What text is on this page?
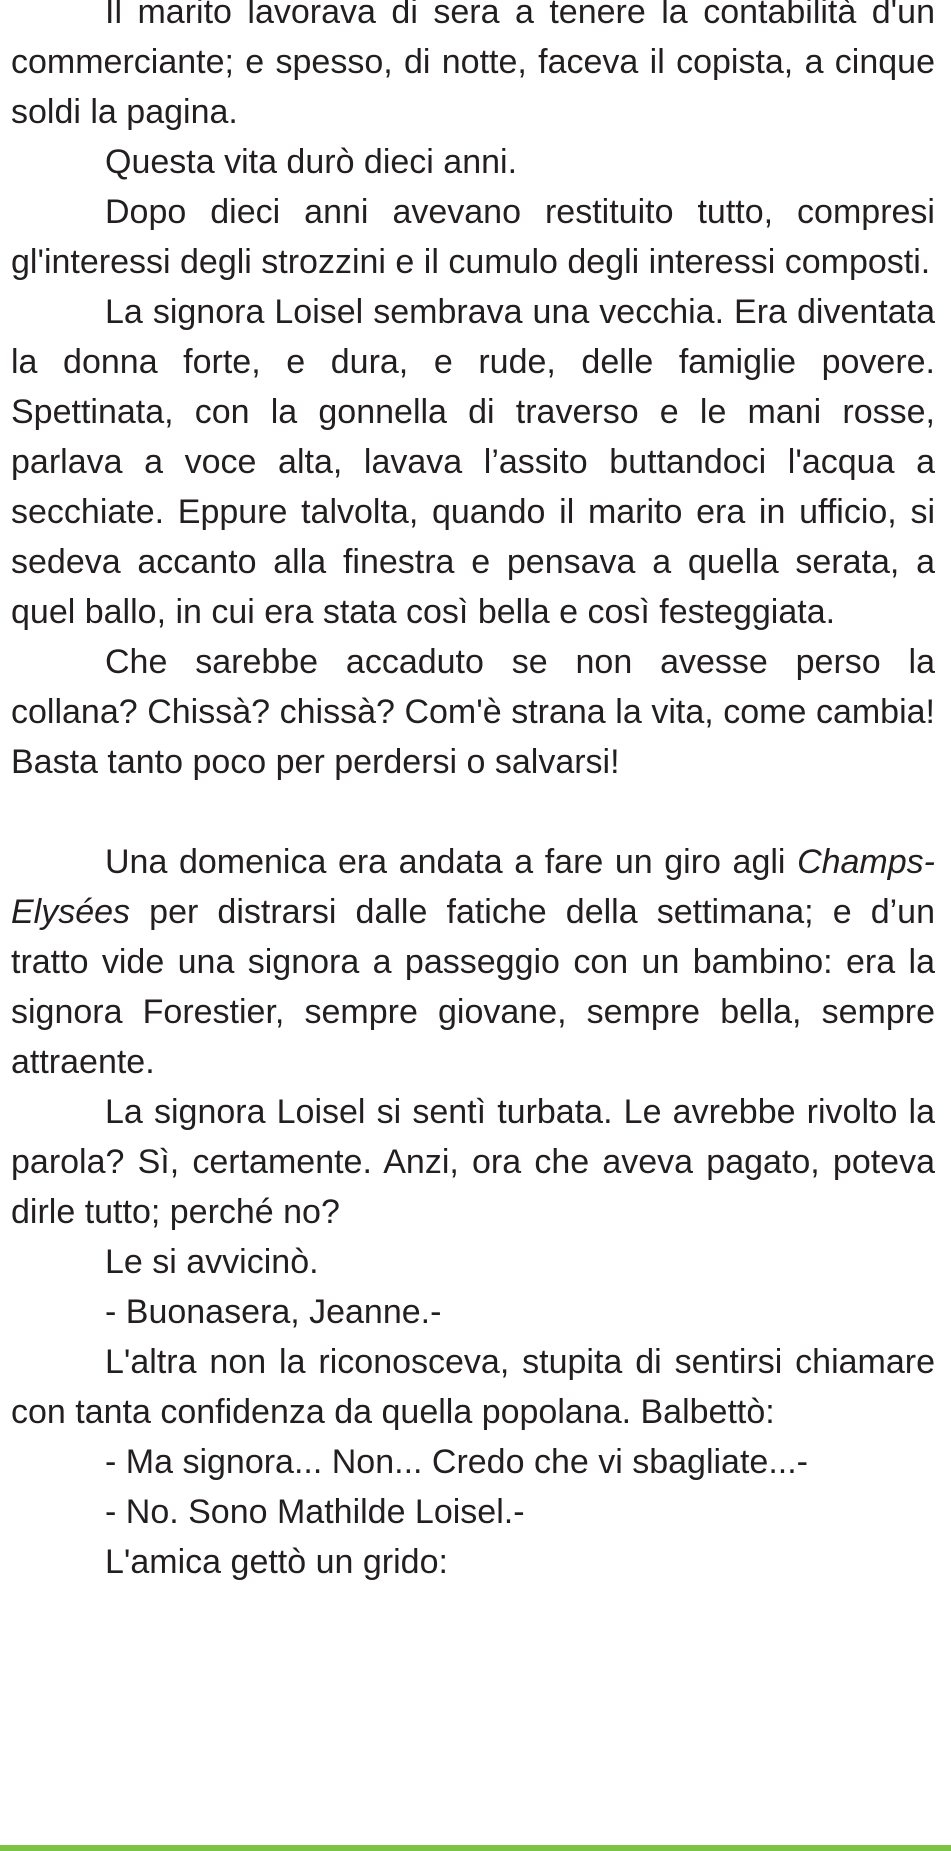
Il marito lavorava di sera a tenere la contabilità d'un commerciante; e spesso, di notte, faceva il copista, a cinque soldi la pagina.

Questa vita durò dieci anni.

Dopo dieci anni avevano restituito tutto, compresi gl'interessi degli strozzini e il cumulo degli interessi composti.

La signora Loisel sembrava una vecchia. Era diventata la donna forte, e dura, e rude, delle famiglie povere. Spettinata, con la gonnella di traverso e le mani rosse, parlava a voce alta, lavava l’assito buttandoci l'acqua a secchiate. Eppure talvolta, quando il marito era in ufficio, si sedeva accanto alla finestra e pensava a quella serata, a quel ballo, in cui era stata così bella e così festeggiata.

Che sarebbe accaduto se non avesse perso la collana? Chissà? chissà? Com'è strana la vita, come cambia! Basta tanto poco per perdersi o salvarsi!

Una domenica era andata a fare un giro agli Champs-Elysées per distrarsi dalle fatiche della settimana; e d’un tratto vide una signora a passeggio con un bambino: era la signora Forestier, sempre giovane, sempre bella, sempre attraente.

La signora Loisel si sentì turbata. Le avrebbe rivolto la parola? Sì, certamente. Anzi, ora che aveva pagato, poteva dirle tutto; perché no?

Le si avvicinò.

- Buonasera, Jeanne.-

L'altra non la riconosceva, stupita di sentirsi chiamare con tanta confidenza da quella popolana. Balbettò:

- Ma signora... Non... Credo che vi sbagliate...-

- No. Sono Mathilde Loisel.-

L'amica gettò un grido:
